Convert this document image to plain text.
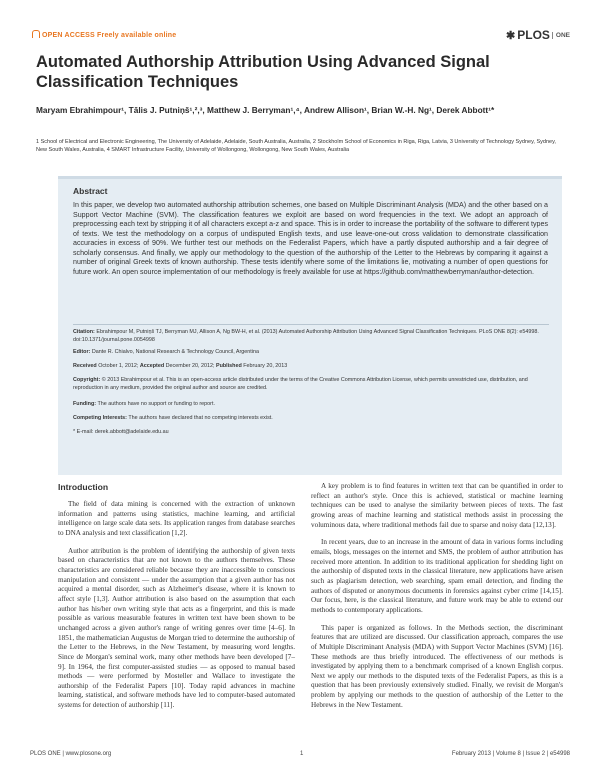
OPEN ACCESS Freely available online	✱ PLOS ONE
Automated Authorship Attribution Using Advanced Signal Classification Techniques
Maryam Ebrahimpour¹, Tālis J. Putniņš¹,²,³, Matthew J. Berryman¹,⁴, Andrew Allison¹, Brian W.-H. Ng¹, Derek Abbott¹*
1 School of Electrical and Electronic Engineering, The University of Adelaide, Adelaide, South Australia, Australia, 2 Stockholm School of Economics in Riga, Riga, Latvia, 3 University of Technology Sydney, Sydney, New South Wales, Australia, 4 SMART Infrastructure Facility, University of Wollongong, Wollongong, New South Wales, Australia
Abstract
In this paper, we develop two automated authorship attribution schemes, one based on Multiple Discriminant Analysis (MDA) and the other based on a Support Vector Machine (SVM). The classification features we exploit are based on word frequencies in the text. We adopt an approach of preprocessing each text by stripping it of all characters except a-z and space. This is in order to increase the portability of the software to different types of texts. We test the methodology on a corpus of undisputed English texts, and use leave-one-out cross validation to demonstrate classification accuracies in excess of 90%. We further test our methods on the Federalist Papers, which have a partly disputed authorship and a fair degree of scholarly consensus. And finally, we apply our methodology to the question of the authorship of the Letter to the Hebrews by comparing it against a number of original Greek texts of known authorship. These tests identify where some of the limitations lie, motivating a number of open questions for future work. An open source implementation of our methodology is freely available for use at https://github.com/matthewberryman/author-detection.
Citation: Ebrahimpour M, Putniņš TJ, Berryman MJ, Allison A, Ng BW-H, et al. (2013) Automated Authorship Attribution Using Advanced Signal Classification Techniques. PLoS ONE 8(2): e54998. doi:10.1371/journal.pone.0054998
Editor: Dante R. Chialvo, National Research & Technology Council, Argentina
Received October 1, 2012; Accepted December 20, 2012; Published February 20, 2013
Copyright: © 2013 Ebrahimpour et al. This is an open-access article distributed under the terms of the Creative Commons Attribution License, which permits unrestricted use, distribution, and reproduction in any medium, provided the original author and source are credited.
Funding: The authors have no support or funding to report.
Competing Interests: The authors have declared that no competing interests exist.
* E-mail: derek.abbott@adelaide.edu.au
Introduction

The field of data mining is concerned with the extraction of unknown information and patterns using statistics, machine learning, and artificial intelligence on large scale data sets. Its application ranges from database searches to DNA analysis and text classification [1,2].

Author attribution is the problem of identifying the authorship of given texts based on characteristics that are not known to the authors themselves. These characteristics are considered reliable because they are inaccessible to conscious manipulation and consistent — under the assumption that a given author has not acquired a mental disorder, such as Alzheimer's disease, where it is known to affect style [1,3]. Author attribution is also based on the assumption that each author has his/her own writing style that acts as a fingerprint, and this is made possible as various measurable features in written text have been shown to be unchanged across a given author's range of writing genres over time [4–6]. In 1851, the mathematician Augustus de Morgan tried to determine the authorship of the Letter to the Hebrews, in the New Testament, by measuring word lengths. Since de Morgan's seminal work, many other methods have been developed [7–9]. In 1964, the first computer-assisted studies — as opposed to manual based methods — were performed by Mosteller and Wallace to investigate the authorship of the Federalist Papers [10]. Today rapid advances in machine learning, statistical, and software methods have led to computer-based automated systems for detection of authorship [11].

A key problem is to find features in written text that can be quantified in order to reflect an author's style. Once this is achieved, statistical or machine learning techniques can be used to analyse the similarity between pieces of texts. The fast growing areas of machine learning and statistical methods assist in processing the voluminous data, where traditional methods fail due to sparse and noisy data [12,13].

In recent years, due to an increase in the amount of data in various forms including emails, blogs, messages on the internet and SMS, the problem of author attribution has received more attention. In addition to its traditional application for shedding light on the authorship of disputed texts in the classical literature, new applications have arisen such as plagiarism detection, web searching, spam email detection, and finding the authors of disputed or anonymous documents in forensics against cyber crime [14,15]. Our focus, here, is the classical literature, and future work may be able to extend our methods to contemporary applications.

This paper is organized as follows. In the Methods section, the discriminant features that are utilized are discussed. Our classification approach, compares the use of Multiple Discriminant Analysis (MDA) with Support Vector Machines (SVM) [16]. These methods are thus briefly introduced. The effectiveness of our methods is investigated by applying them to a benchmark comprised of a known English corpus. Next we apply our methods to the disputed texts of the Federalist Papers, as this is a question that has been previously extensively studied. Finally, we revisit de Morgan's problem by applying our methods to the question of authorship of the Letter to the Hebrews in the New Testament.

PLOS ONE | www.plosone.org	1	February 2013 | Volume 8 | Issue 2 | e54998
